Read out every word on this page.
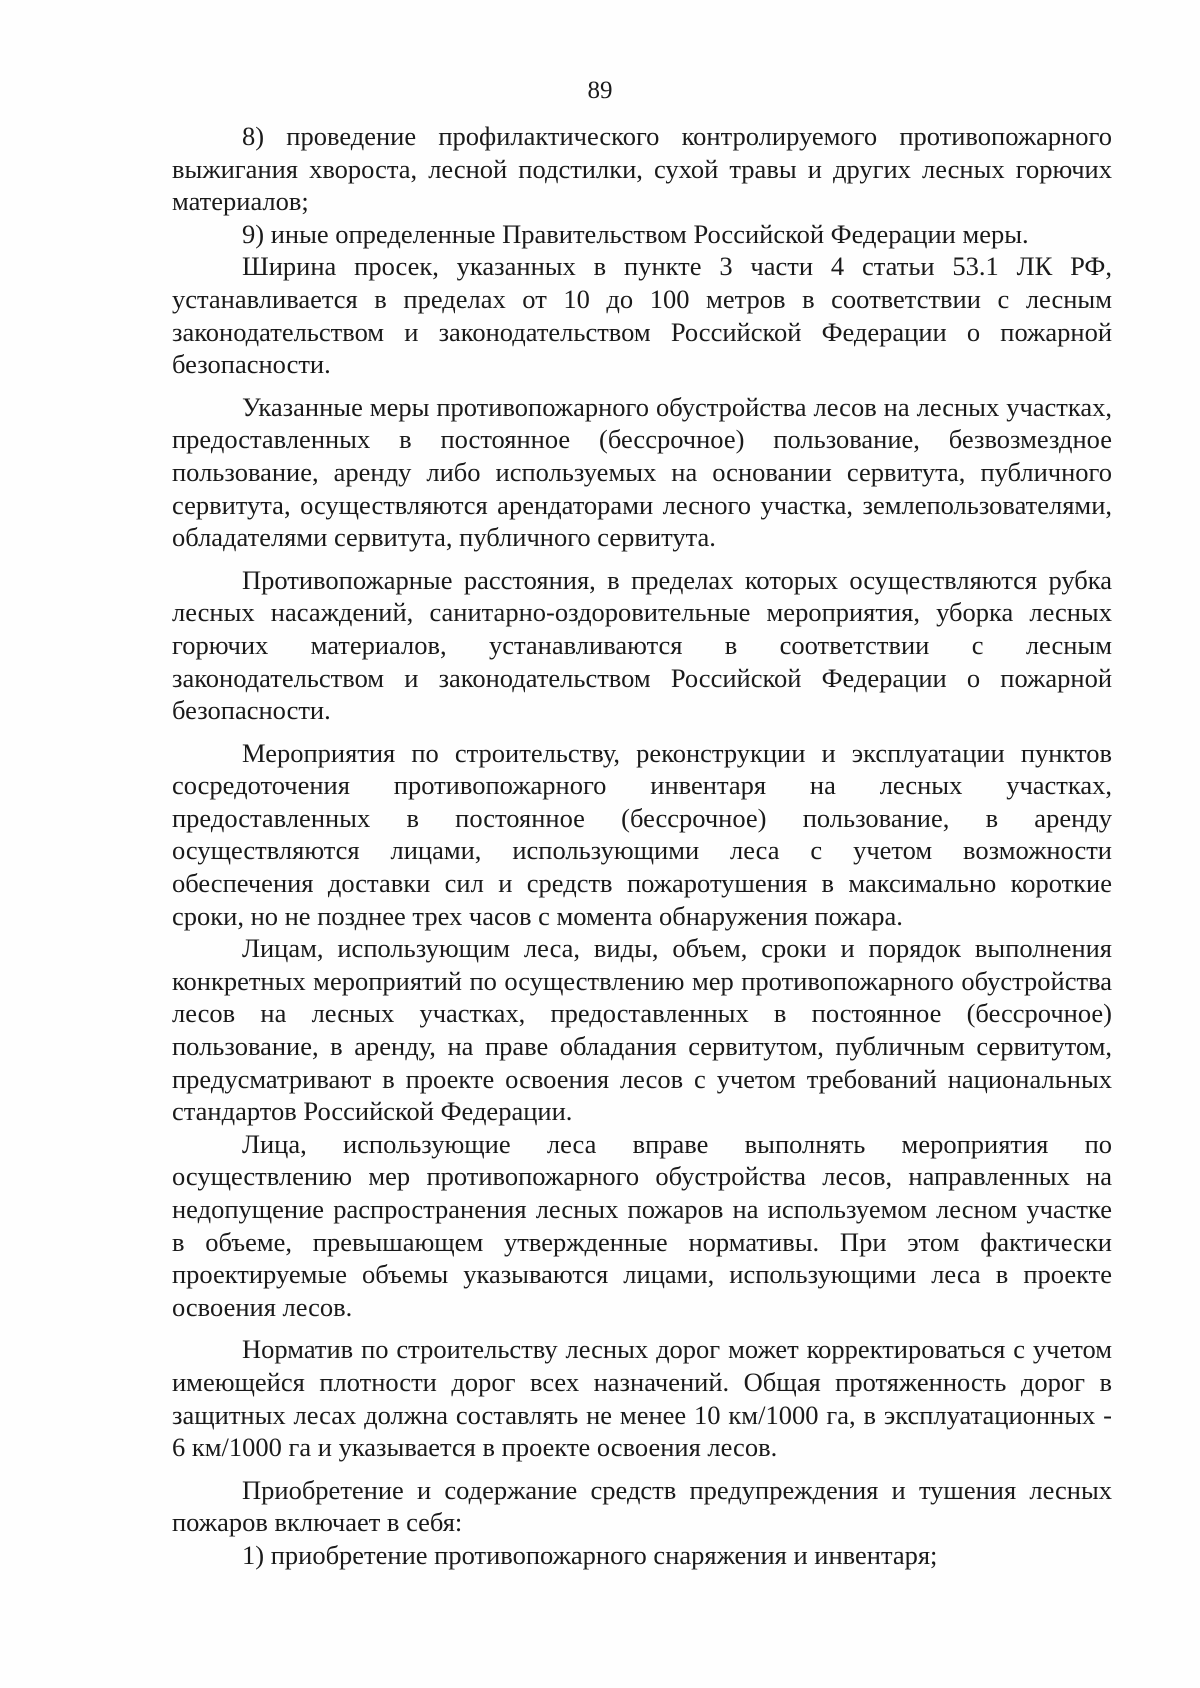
89

8) проведение профилактического контролируемого противопожарного выжигания хвороста, лесной подстилки, сухой травы и других лесных горючих материалов;

9) иные определенные Правительством Российской Федерации меры.

Ширина просек, указанных в пункте 3 части 4 статьи 53.1 ЛК РФ, устанавливается в пределах от 10 до 100 метров в соответствии с лесным законодательством и законодательством Российской Федерации о пожарной безопасности.

Указанные меры противопожарного обустройства лесов на лесных участках, предоставленных в постоянное (бессрочное) пользование, безвозмездное пользование, аренду либо используемых на основании сервитута, публичного сервитута, осуществляются арендаторами лесного участка, землепользователями, обладателями сервитута, публичного сервитута.

Противопожарные расстояния, в пределах которых осуществляются рубка лесных насаждений, санитарно-оздоровительные мероприятия, уборка лесных горючих материалов, устанавливаются в соответствии с лесным законодательством и законодательством Российской Федерации о пожарной безопасности.

Мероприятия по строительству, реконструкции и эксплуатации пунктов сосредоточения противопожарного инвентаря на лесных участках, предоставленных в постоянное (бессрочное) пользование, в аренду осуществляются лицами, использующими леса с учетом возможности обеспечения доставки сил и средств пожаротушения в максимально короткие сроки, но не позднее трех часов с момента обнаружения пожара.

Лицам, использующим леса, виды, объем, сроки и порядок выполнения конкретных мероприятий по осуществлению мер противопожарного обустройства лесов на лесных участках, предоставленных в постоянное (бессрочное) пользование, в аренду, на праве обладания сервитутом, публичным сервитутом, предусматривают в проекте освоения лесов с учетом требований национальных стандартов Российской Федерации.

Лица, использующие леса вправе выполнять мероприятия по осуществлению мер противопожарного обустройства лесов, направленных на недопущение распространения лесных пожаров на используемом лесном участке в объеме, превышающем утвержденные нормативы. При этом фактически проектируемые объемы указываются лицами, использующими леса в проекте освоения лесов.

Норматив по строительству лесных дорог может корректироваться с учетом имеющейся плотности дорог всех назначений. Общая протяженность дорог в защитных лесах должна составлять не менее 10 км/1000 га, в эксплуатационных - 6 км/1000 га и указывается в проекте освоения лесов.

Приобретение и содержание средств предупреждения и тушения лесных пожаров включает в себя:

1) приобретение противопожарного снаряжения и инвентаря;
